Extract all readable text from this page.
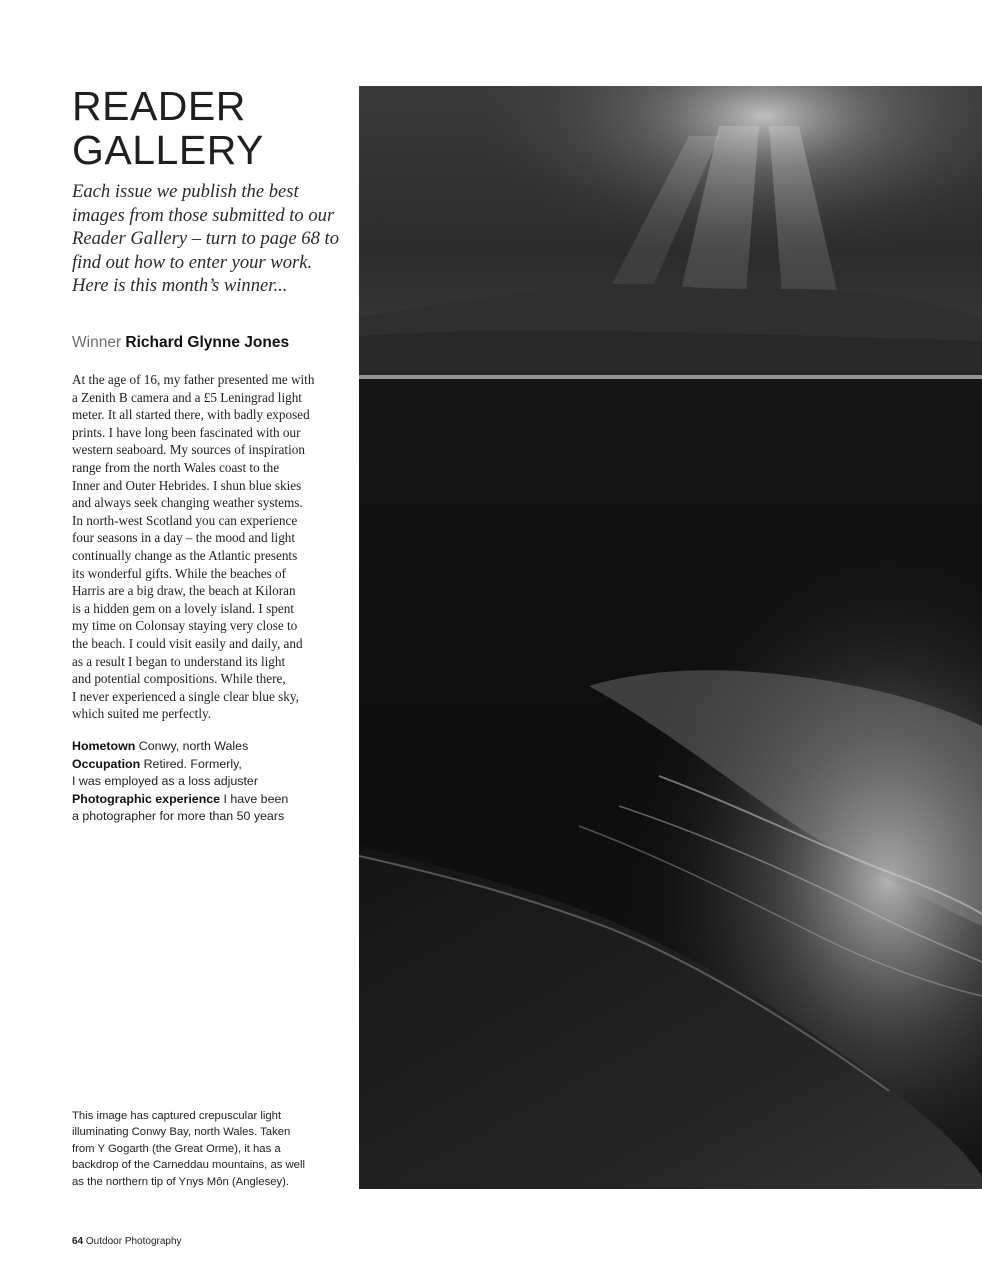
READER
GALLERY
Each issue we publish the best images from those submitted to our Reader Gallery – turn to page 68 to find out how to enter your work. Here is this month’s winner...
Winner Richard Glynne Jones
At the age of 16, my father presented me with
a Zenith B camera and a £5 Leningrad light
meter. It all started there, with badly exposed
prints. I have long been fascinated with our
western seaboard. My sources of inspiration
range from the north Wales coast to the
Inner and Outer Hebrides. I shun blue skies
and always seek changing weather systems.
In north-west Scotland you can experience
four seasons in a day – the mood and light
continually change as the Atlantic presents
its wonderful gifts. While the beaches of
Harris are a big draw, the beach at Kiloran
is a hidden gem on a lovely island. I spent
my time on Colonsay staying very close to
the beach. I could visit easily and daily, and
as a result I began to understand its light
and potential compositions. While there,
I never experienced a single clear blue sky,
which suited me perfectly.
Hometown Conwy, north Wales
Occupation Retired. Formerly,
I was employed as a loss adjuster
Photographic experience I have been
a photographer for more than 50 years
This image has captured crepuscular light
illuminating Conwy Bay, north Wales. Taken
from Y Gogarth (the Great Orme), it has a
backdrop of the Carneddau mountains, as well
as the northern tip of Ynys Môn (Anglesey).
64 Outdoor Photography
